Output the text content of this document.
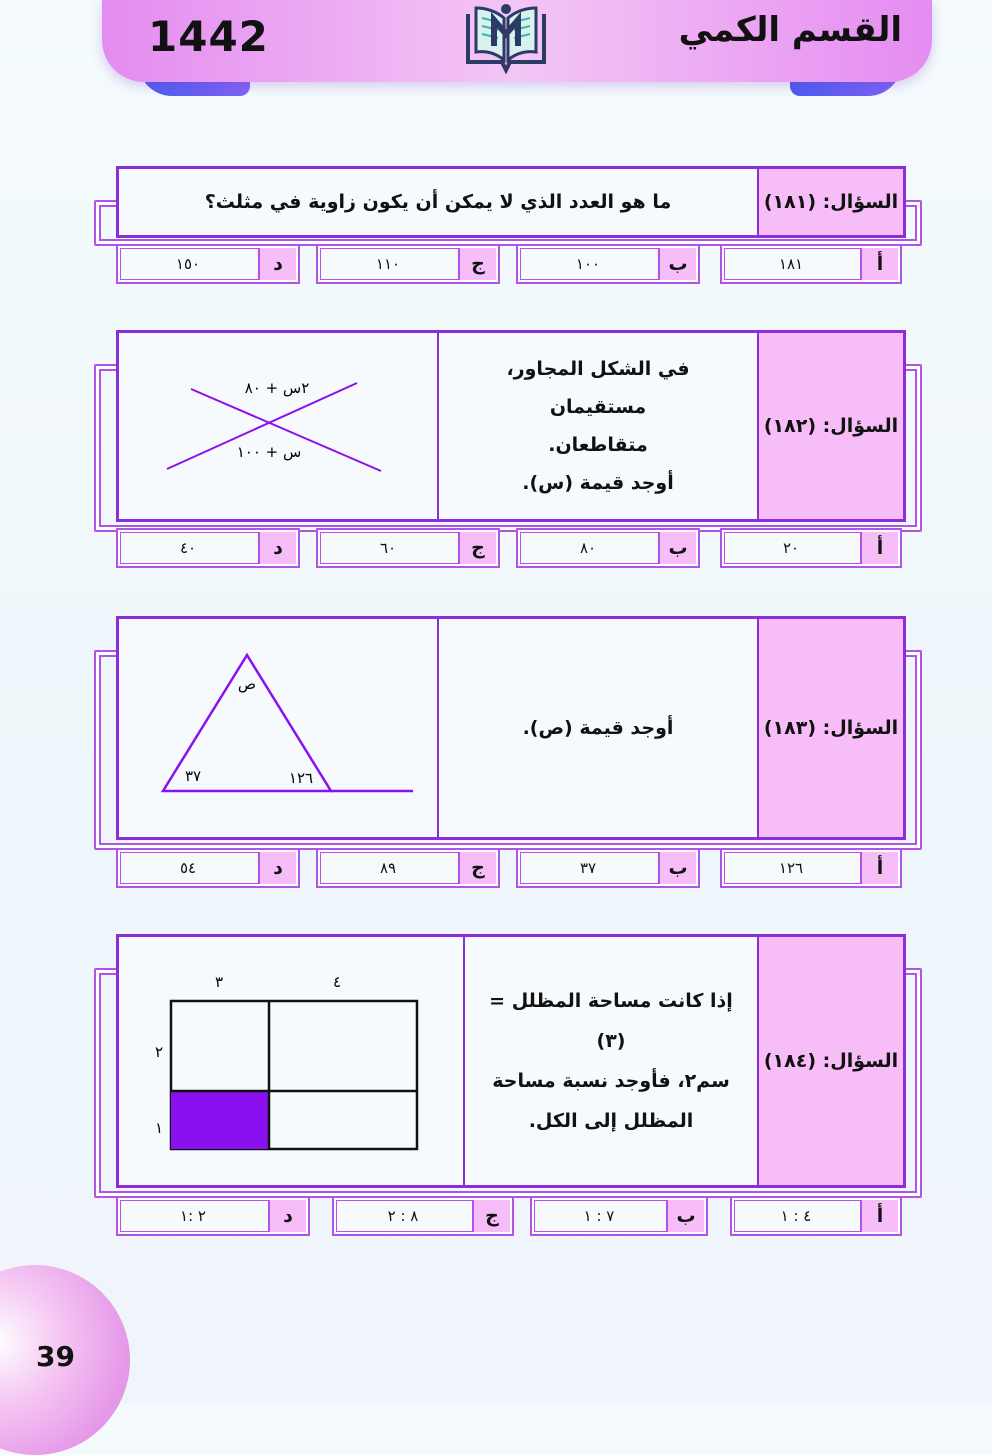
1442	القسم الكمي
السؤال: (١٨١)
ما هو العدد الذي لا يمكن أن يكون زاوية في مثلث؟
أ
١٨١
ب
١٠٠
ج
١١٠
د
١٥٠
السؤال: (١٨٢)
في الشكل المجاور، مستقيمان
متقاطعان.
أوجد قيمة (س).
٢س + ٨٠
س + ١٠٠
أ
٢٠
ب
٨٠
ج
٦٠
د
٤٠
السؤال: (١٨٣)
أوجد قيمة (ص).
ص
٣٧	١٢٦
أ
١٢٦
ب
٣٧
ج
٨٩
د
٥٤
السؤال: (١٨٤)
إذا كانت مساحة المظلل = (٣)
سم٢، فأوجد نسبة مساحة
المظلل إلى الكل.
٣	٤
٢
١
أ
٤ : ١
ب
٧ : ١
ج
٨ : ٢
د
٢ :١
39
